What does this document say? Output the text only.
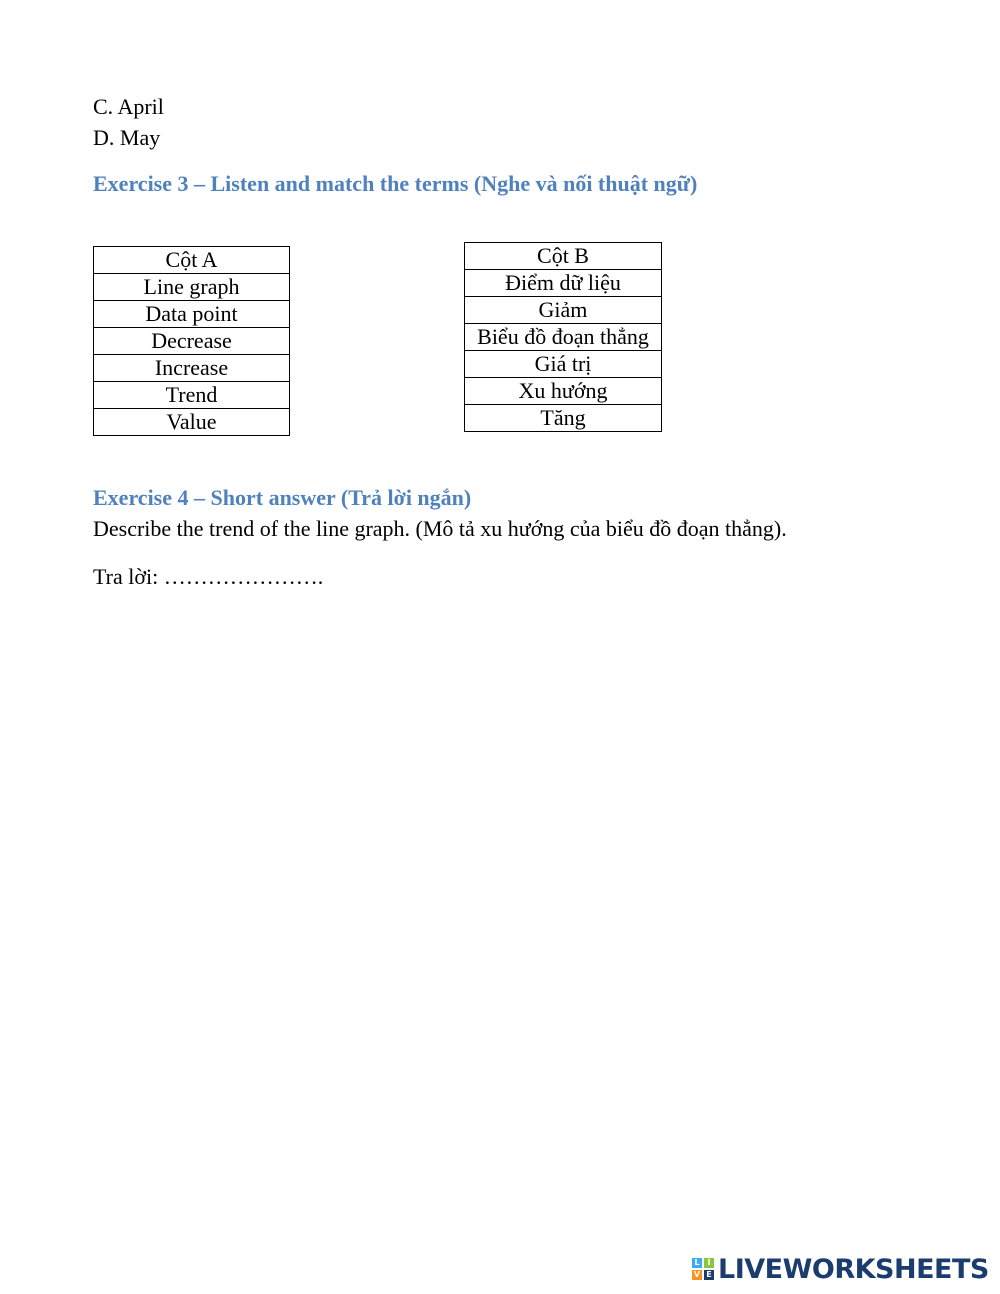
C. April
D. May
Exercise 3 – Listen and match the terms (Nghe và nối thuật ngữ)
Cột A
Line graph
Data point
Decrease
Increase
Trend
Value
Cột B
Điểm dữ liệu
Giảm
Biểu đồ đoạn thẳng
Giá trị
Xu hướng
Tăng
Exercise 4 – Short answer (Trả lời ngắn)
Describe the trend of the line graph. (Mô tả xu hướng của biểu đồ đoạn thẳng).
Tra lời: ………………….
L I
V E LIVEWORKSHEETS
